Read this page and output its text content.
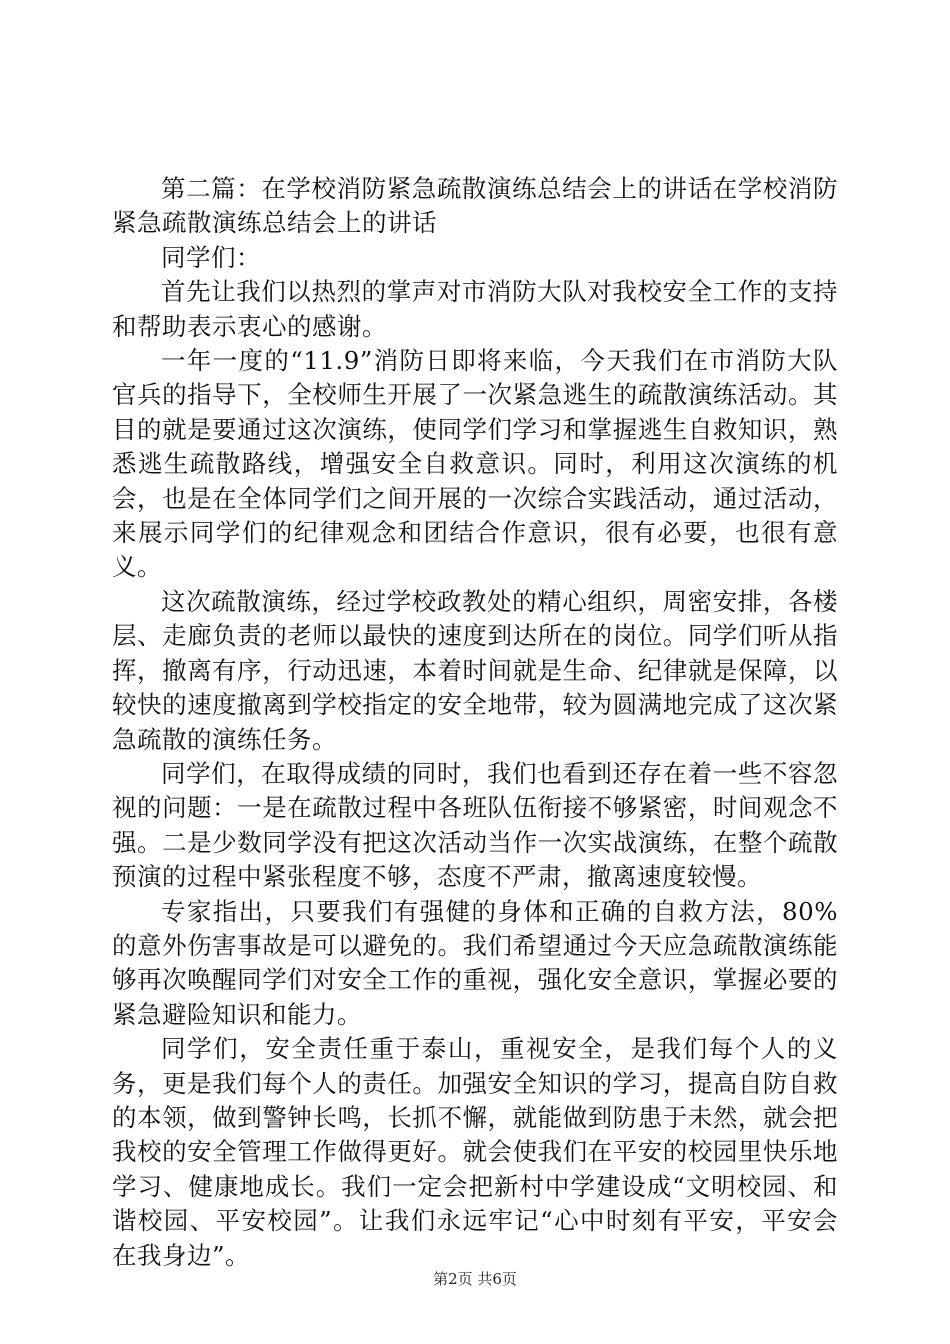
第二篇：在学校消防紧急疏散演练总结会上的讲话在学校消防紧急疏散演练总结会上的讲话

同学们：

首先让我们以热烈的掌声对市消防大队对我校安全工作的支持和帮助表示衷心的感谢。

一年一度的“11.9”消防日即将来临，今天我们在市消防大队官兵的指导下，全校师生开展了一次紧急逃生的疏散演练活动。其目的就是要通过这次演练，使同学们学习和掌握逃生自救知识，熟悉逃生疏散路线，增强安全自救意识。同时，利用这次演练的机会，也是在全体同学们之间开展的一次综合实践活动，通过活动，来展示同学们的纪律观念和团结合作意识，很有必要，也很有意义。

这次疏散演练，经过学校政教处的精心组织，周密安排，各楼层、走廊负责的老师以最快的速度到达所在的岗位。同学们听从指挥，撤离有序，行动迅速，本着时间就是生命、纪律就是保障，以较快的速度撤离到学校指定的安全地带，较为圆满地完成了这次紧急疏散的演练任务。

同学们，在取得成绩的同时，我们也看到还存在着一些不容忽视的问题：一是在疏散过程中各班队伍衔接不够紧密，时间观念不强。二是少数同学没有把这次活动当作一次实战演练，在整个疏散预演的过程中紧张程度不够，态度不严肃，撤离速度较慢。

专家指出，只要我们有强健的身体和正确的自救方法，80%的意外伤害事故是可以避免的。我们希望通过今天应急疏散演练能够再次唤醒同学们对安全工作的重视，强化安全意识，掌握必要的紧急避险知识和能力。

同学们，安全责任重于泰山，重视安全，是我们每个人的义务，更是我们每个人的责任。加强安全知识的学习，提高自防自救的本领，做到警钟长鸣，长抓不懈，就能做到防患于未然，就会把我校的安全管理工作做得更好。就会使我们在平安的校园里快乐地学习、健康地成长。我们一定会把新村中学建设成“文明校园、和谐校园、平安校园”。让我们永远牢记“心中时刻有平安，平安会在我身边”。

第2页 共6页
